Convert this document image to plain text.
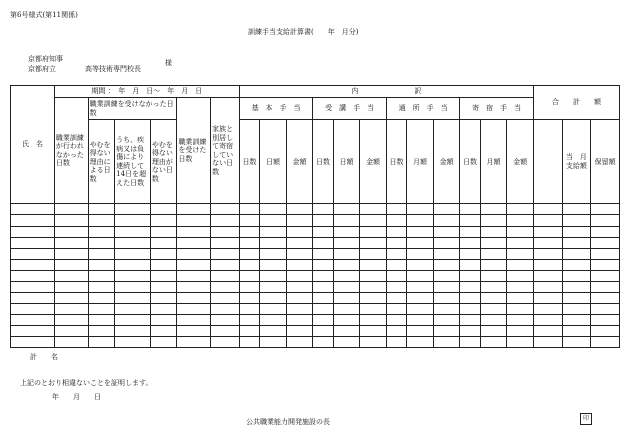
第6号様式(第11関係)
訓練手当支給計算書(　　年　月分)
京都府知事
京都府立	高等技術専門校長
様
氏　名	期間 ：　年　月　日～　年　月　日						内　　　　　　　　訳												合　　計　　額		
	職業訓練が行われなかった日数	職業訓練を受けなかった日数			職業訓練を受けた日数	家族と別居して寄宿していない日数	基　本　手　当			受　講　手　当			通　所　手　当			寄　宿　手　当					
		やむを得ない理由による日数	うち、疾病又は負傷により連続して14日を超えた日数	やむを得ない理由がない日数			日数	日額	金額	日数	日額	金額	日数	月額	金額	日数	月額	金額		当　月支給額	保留額

計　　名
上記のとおり相違ないことを証明します。
年　　月　　日
公共職業能力開発施設の長	印
